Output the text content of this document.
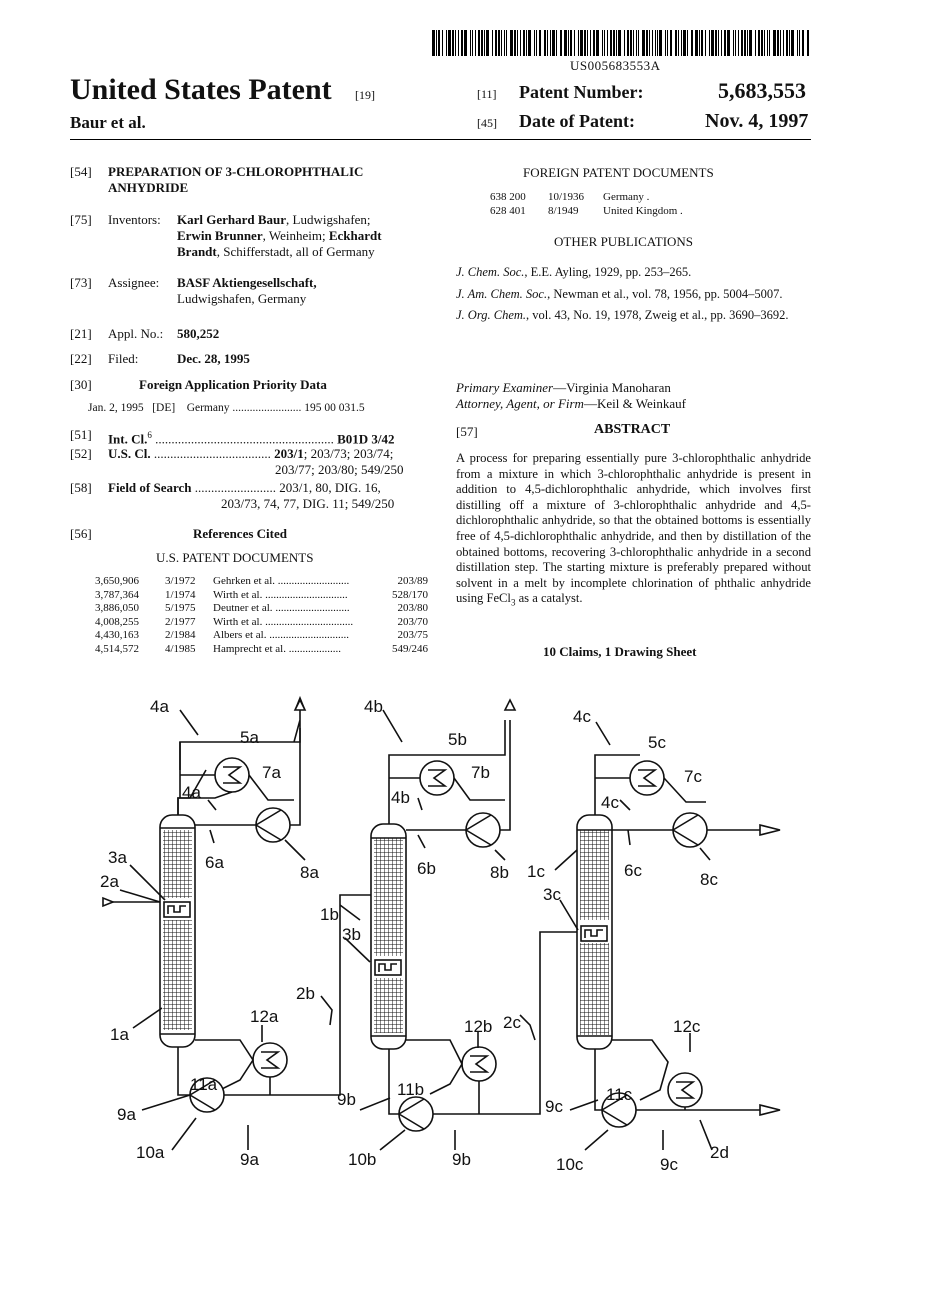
US005683553A
United States Patent [19]
Baur et al.
[11] Patent Number:	5,683,553
[45] Date of Patent:	Nov. 4, 1997
[54] PREPARATION OF 3-CHLOROPHTHALIC
ANHYDRIDE
[75] Inventors: Karl Gerhard Baur, Ludwigshafen;
Erwin Brunner, Weinheim; Eckhardt
Brandt, Schifferstadt, all of Germany
[73] Assignee: BASF Aktiengesellschaft,
Ludwigshafen, Germany
[21] Appl. No.: 580,252
[22] Filed:	Dec. 28, 1995
[30]	Foreign Application Priority Data
Jan. 2, 1995   [DE]    Germany ........................ 195 00 031.5
[51] Int. Cl.$^6$ ....................................................... B01D 3/42
[52] U.S. Cl. .................................... 203/1; 203/73; 203/74;
203/77; 203/80; 549/250
[58] Field of Search ......................... 203/1, 80, DIG. 16,
203/73, 74, 77, DIG. 11; 549/250
[56]	References Cited
U.S. PATENT DOCUMENTS
3,650,906	3/1972	Gehrken et al. ..........................	203/89
3,787,364	1/1974	Wirth et al. ..............................	528/170
3,886,050	5/1975	Deutner et al. ...........................	203/80
4,008,255	2/1977	Wirth et al. ................................	203/70
4,430,163	2/1984	Albers et al. .............................	203/75
4,514,572	4/1985	Hamprecht et al. ...................	549/246
FOREIGN PATENT DOCUMENTS
638 200	10/1936	Germany .
628 401	8/1949	United Kingdom .
OTHER PUBLICATIONS

J. Chem. Soc., E.E. Ayling, 1929, pp. 253–265.

J. Am. Chem. Soc., Newman et al., vol. 78, 1956, pp. 5004–5007.

J. Org. Chem., vol. 43, No. 19, 1978, Zweig et al., pp. 3690–3692.

Primary Examiner—Virginia Manoharan
Attorney, Agent, or Firm—Keil & Weinkauf
[57]	ABSTRACT
A process for preparing essentially pure 3-chlorophthalic anhydride from a mixture in which 3-chlorophthalic anhydride is present in addition to 4,5-dichlorophthalic anhydride, which involves first distilling off a mixture of 3-chlorophthalic anhydride and 4,5-dichlorophthalic anhydride, so that the obtained bottoms is essentially free of 4,5-dichlorophthalic anhydride, and then by distillation of the obtained bottoms, recovering 3-chlorophthalic anhydride in a second distillation step. The starting mixture is preferably prepared without solvent in a melt by incomplete chlorination of phthalic anhydride using FeCl$_3$ as a catalyst.
10 Claims, 1 Drawing Sheet
4a
5a
7a
4a
6a
8a
3a
2a
1a
12a
11a
9a
10a	9a
4b
5b
7b
4b
6b	8b
1b
3b
2b
12b
11b
9b
10b	9b
4c
5c
7c
4c
6c	8c
1c
3c
2c	12c
11c
9c
10c	9c
2d
